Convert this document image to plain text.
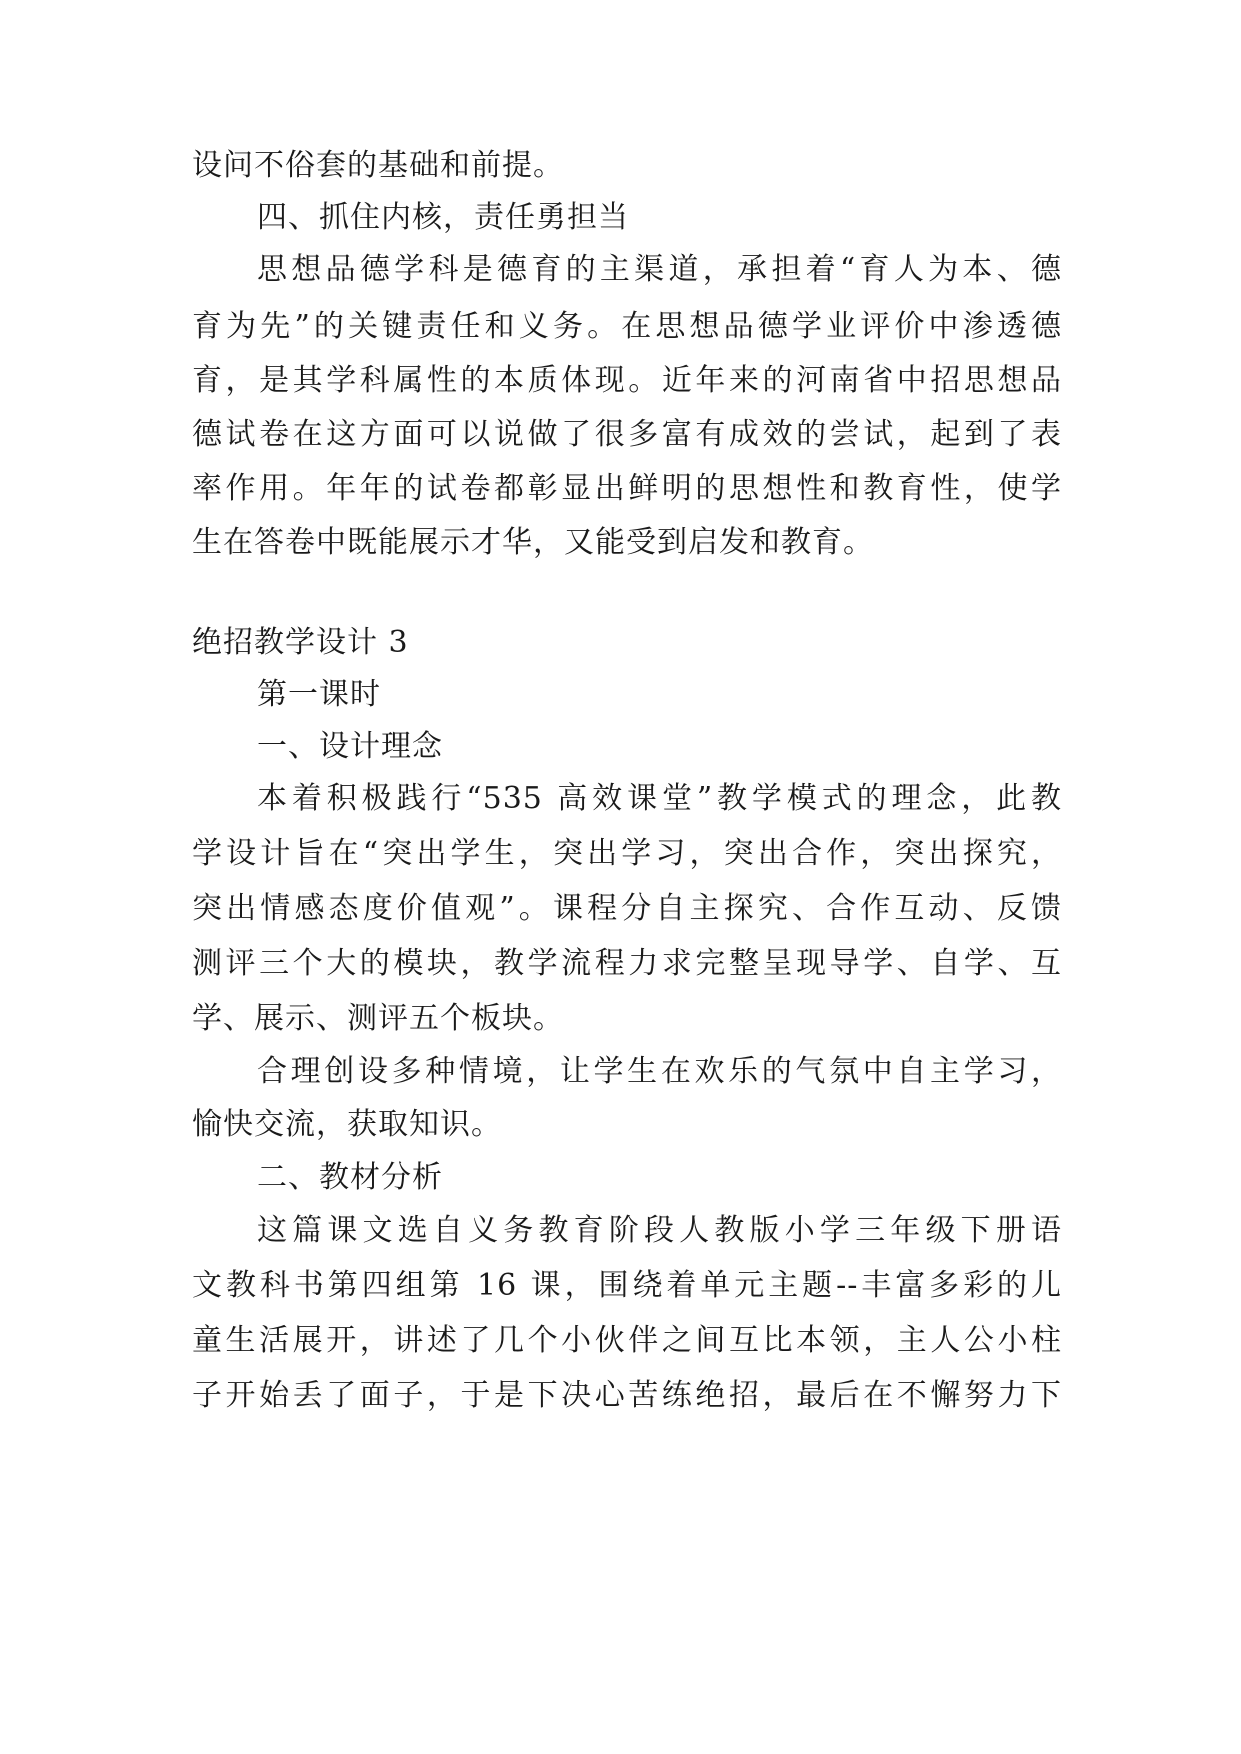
设问不俗套的基础和前提。
四、抓住内核，责任勇担当
思想品德学科是德育的主渠道，承担着“育人为本、德
育为先”的关键责任和义务。在思想品德学业评价中渗透德
育，是其学科属性的本质体现。近年来的河南省中招思想品
德试卷在这方面可以说做了很多富有成效的尝试，起到了表
率作用。年年的试卷都彰显出鲜明的思想性和教育性，使学
生在答卷中既能展示才华，又能受到启发和教育。
绝招教学设计 3
第一课时
一、设计理念
本着积极践行“535 高效课堂”教学模式的理念，此教
学设计旨在“突出学生，突出学习，突出合作，突出探究，
突出情感态度价值观”。课程分自主探究、合作互动、反馈
测评三个大的模块，教学流程力求完整呈现导学、自学、互
学、展示、测评五个板块。
合理创设多种情境，让学生在欢乐的气氛中自主学习，
愉快交流，获取知识。
二、教材分析
这篇课文选自义务教育阶段人教版小学三年级下册语
文教科书第四组第 16 课，围绕着单元主题--丰富多彩的儿
童生活展开，讲述了几个小伙伴之间互比本领，主人公小柱
子开始丢了面子，于是下决心苦练绝招，最后在不懈努力下
